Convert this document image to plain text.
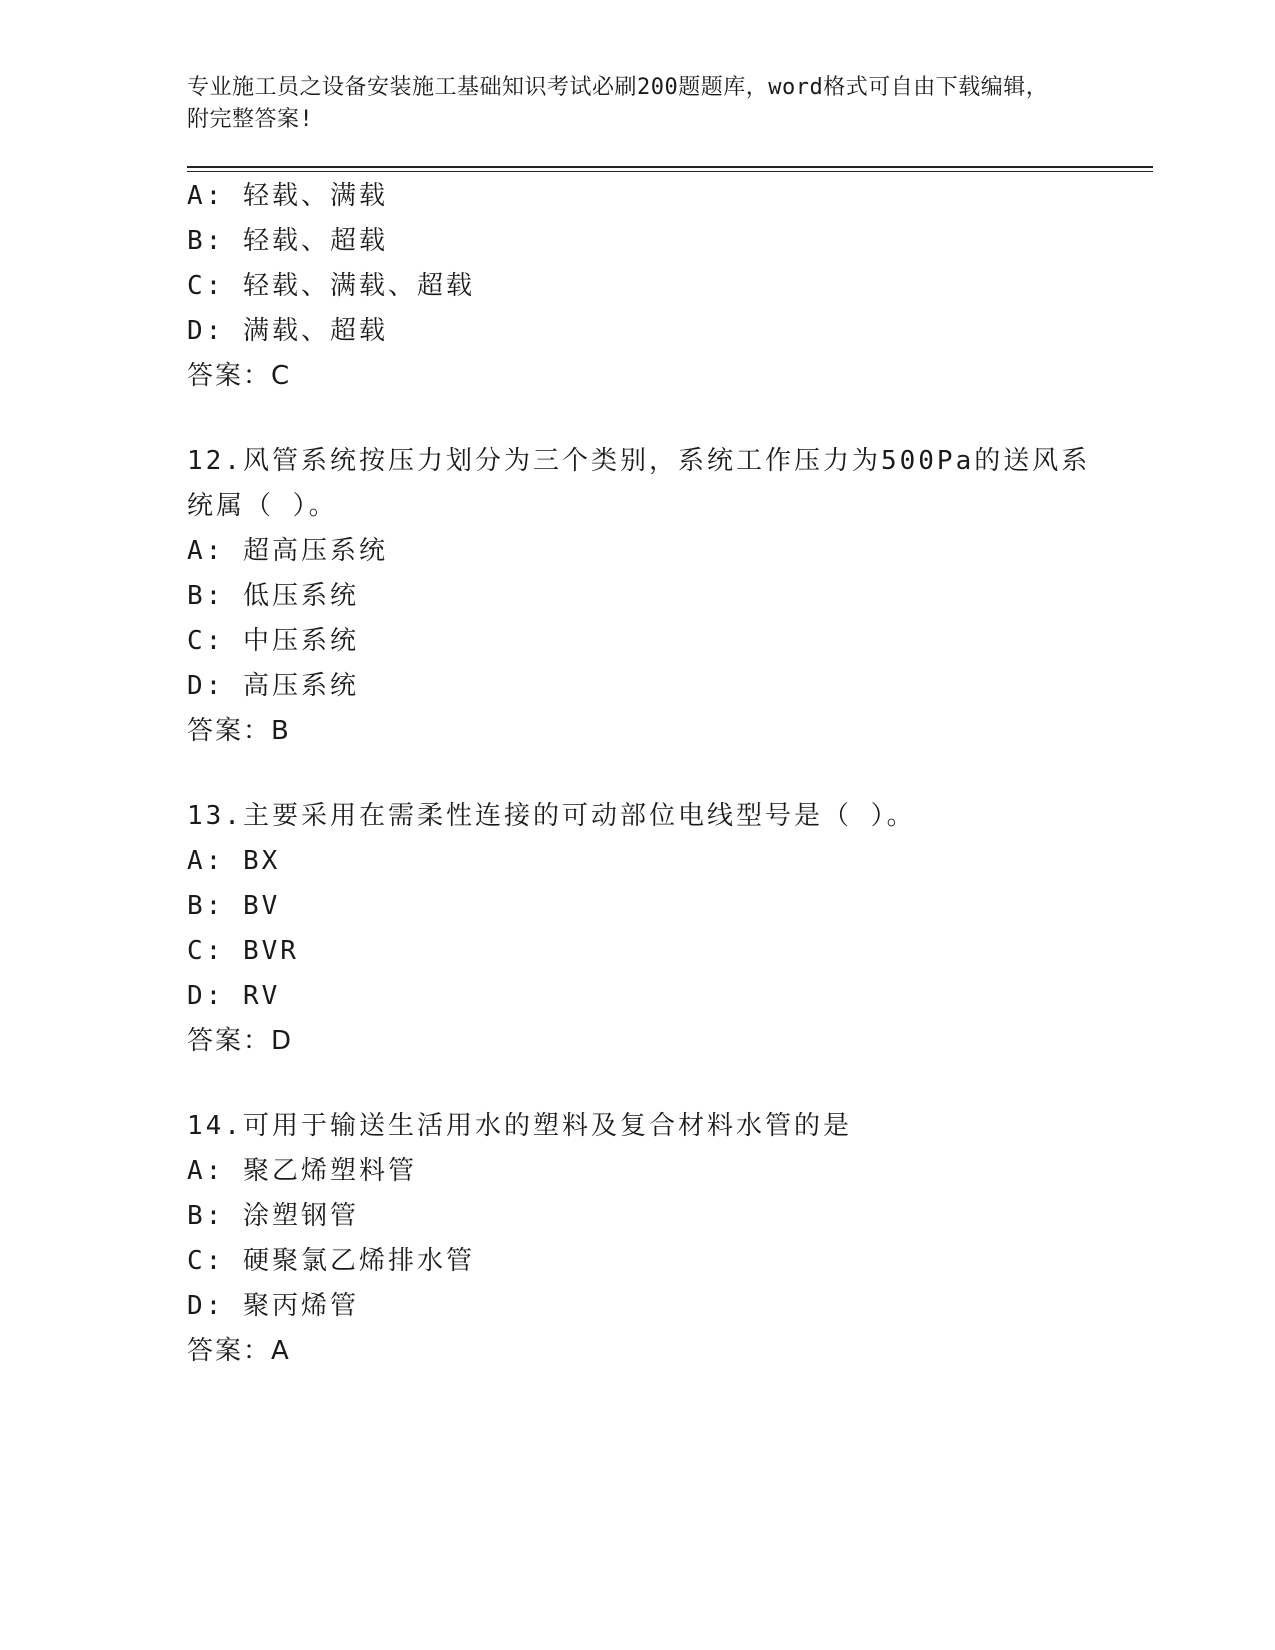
专业施工员之设备安装施工基础知识考试必刷200题题库，word格式可自由下载编辑，附完整答案!
A: 轻载、满载
B: 轻载、超载
C: 轻载、满载、超载
D: 满载、超载
答案：C
12.风管系统按压力划分为三个类别，系统工作压力为500Pa的送风系
统属（ ）。
A: 超高压系统
B: 低压系统
C: 中压系统
D: 高压系统
答案：B
13.主要采用在需柔性连接的可动部位电线型号是（ ）。
A: BX
B: BV
C: BVR
D: RV
答案：D
14.可用于输送生活用水的塑料及复合材料水管的是
A: 聚乙烯塑料管
B: 涂塑钢管
C: 硬聚氯乙烯排水管
D: 聚丙烯管
答案：A
